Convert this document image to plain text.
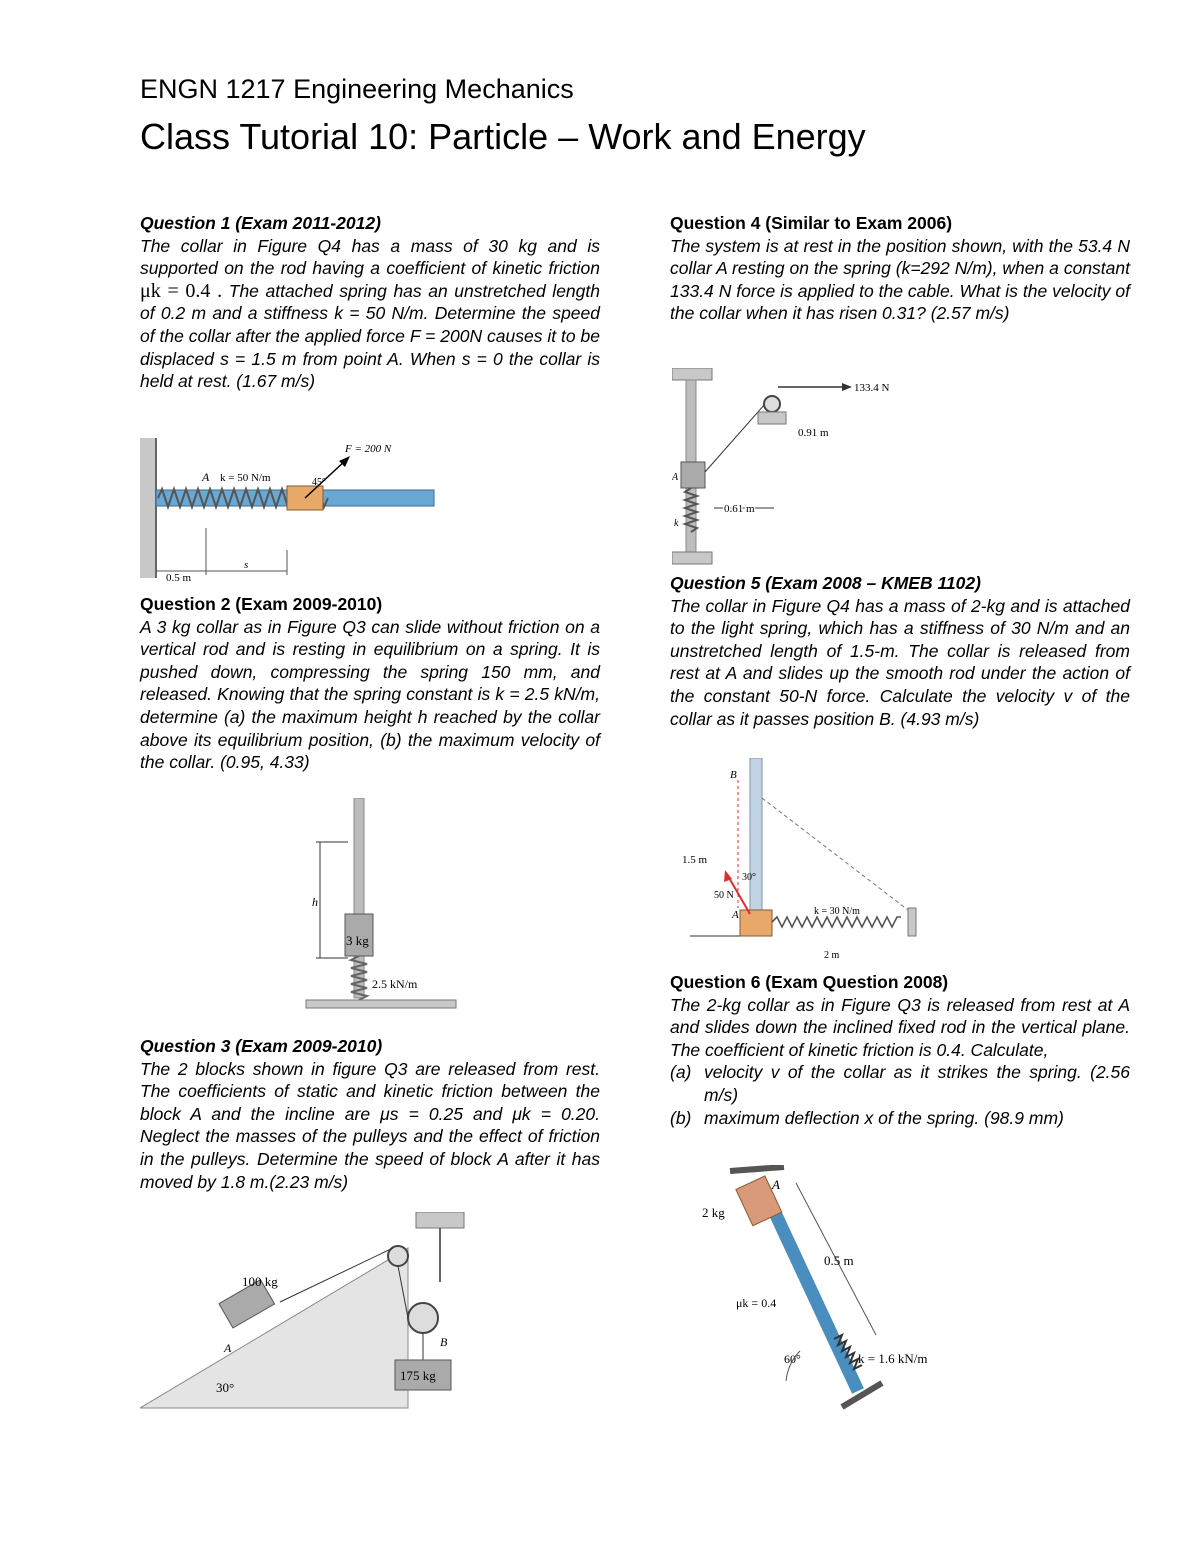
ENGN 1217 Engineering Mechanics
Class Tutorial 10: Particle – Work and Energy

Question 1 (Exam 2011-2012)

The collar in Figure Q4 has a mass of 30 kg and is supported on the rod having a coefficient of kinetic friction μk = 0.4 . The attached spring has an unstretched length of 0.2 m and a stiffness k = 50 N/m. Determine the speed of the collar after the applied force F = 200N causes it to be displaced s = 1.5 m from point A. When s = 0 the collar is held at rest. (1.67 m/s)

F = 200 N
A k = 50 N/m	45°
0.5 m
s

Question 2 (Exam 2009-2010)

A 3 kg collar as in Figure Q3 can slide without friction on a vertical rod and is resting in equilibrium on a spring. It is pushed down, compressing the spring 150 mm, and released. Knowing that the spring constant is k = 2.5 kN/m, determine (a) the maximum height h reached by the collar above its equilibrium position, (b) the maximum velocity of the collar. (0.95, 4.33)

3 kg
h
2.5 kN/m

Question 3 (Exam 2009-2010)

The 2 blocks shown in figure Q3 are released from rest. The coefficients of static and kinetic friction between the block A and the incline are μs = 0.25 and μk = 0.20. Neglect the masses of the pulleys and the effect of friction in the pulleys. Determine the speed of block A after it has moved by 1.8 m.(2.23 m/s)

100 kg
A
175 kg
B
30°

Question 4 (Similar to Exam 2006)

The system is at rest in the position shown, with the 53.4 N collar A resting on the spring (k=292 N/m), when a constant 133.4 N force is applied to the cable. What is the velocity of the collar when it has risen 0.31? (2.57 m/s)

133.4 N
0.91 m
0.61 m
A
k

Question 5 (Exam 2008 – KMEB 1102)

The collar in Figure Q4 has a mass of 2-kg and is attached to the light spring, which has a stiffness of 30 N/m and an unstretched length of 1.5-m. The collar is released from rest at A and slides up the smooth rod under the action of the constant 50-N force. Calculate the velocity v of the collar as it passes position B. (4.93 m/s)

B
A
1.5 m
30°
50 N
k = 30 N/m
2 m

Question 6 (Exam Question 2008)

The 2-kg collar as in Figure Q3 is released from rest at A and slides down the inclined fixed rod in the vertical plane. The coefficient of kinetic friction is 0.4. Calculate,

(a) velocity v of the collar as it strikes the spring. (2.56 m/s)

(b) maximum deflection x of the spring. (98.9 mm)

A
2 kg
0.5 m
μk = 0.4
60°	k = 1.6 kN/m
